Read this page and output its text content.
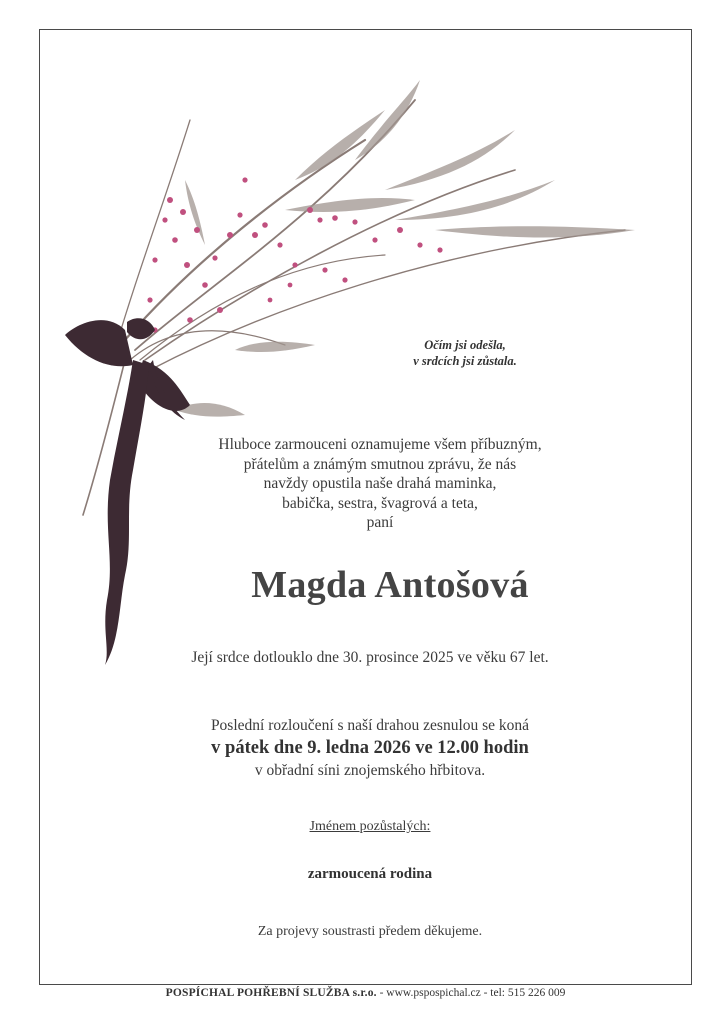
Očím jsi odešla,
v srdcích jsi zůstala.
Hluboce zarmouceni oznamujeme všem příbuzným,
přátelům a známým smutnou zprávu, že nás
navždy opustila naše drahá maminka,
babička, sestra, švagrová a teta,
paní
Magda Antošová
Její srdce dotlouklo dne 30. prosince 2025 ve věku 67 let.
Poslední rozloučení s naší drahou zesnulou se koná
v pátek dne 9. ledna 2026 ve 12.00 hodin
v obřadní síni znojemského hřbitova.
Jménem pozůstalých:
zarmoucená rodina
Za projevy soustrasti předem děkujeme.
POSPÍCHAL POHŘEBNÍ SLUŽBA s.r.o. - www.pspospichal.cz - tel: 515 226 009
